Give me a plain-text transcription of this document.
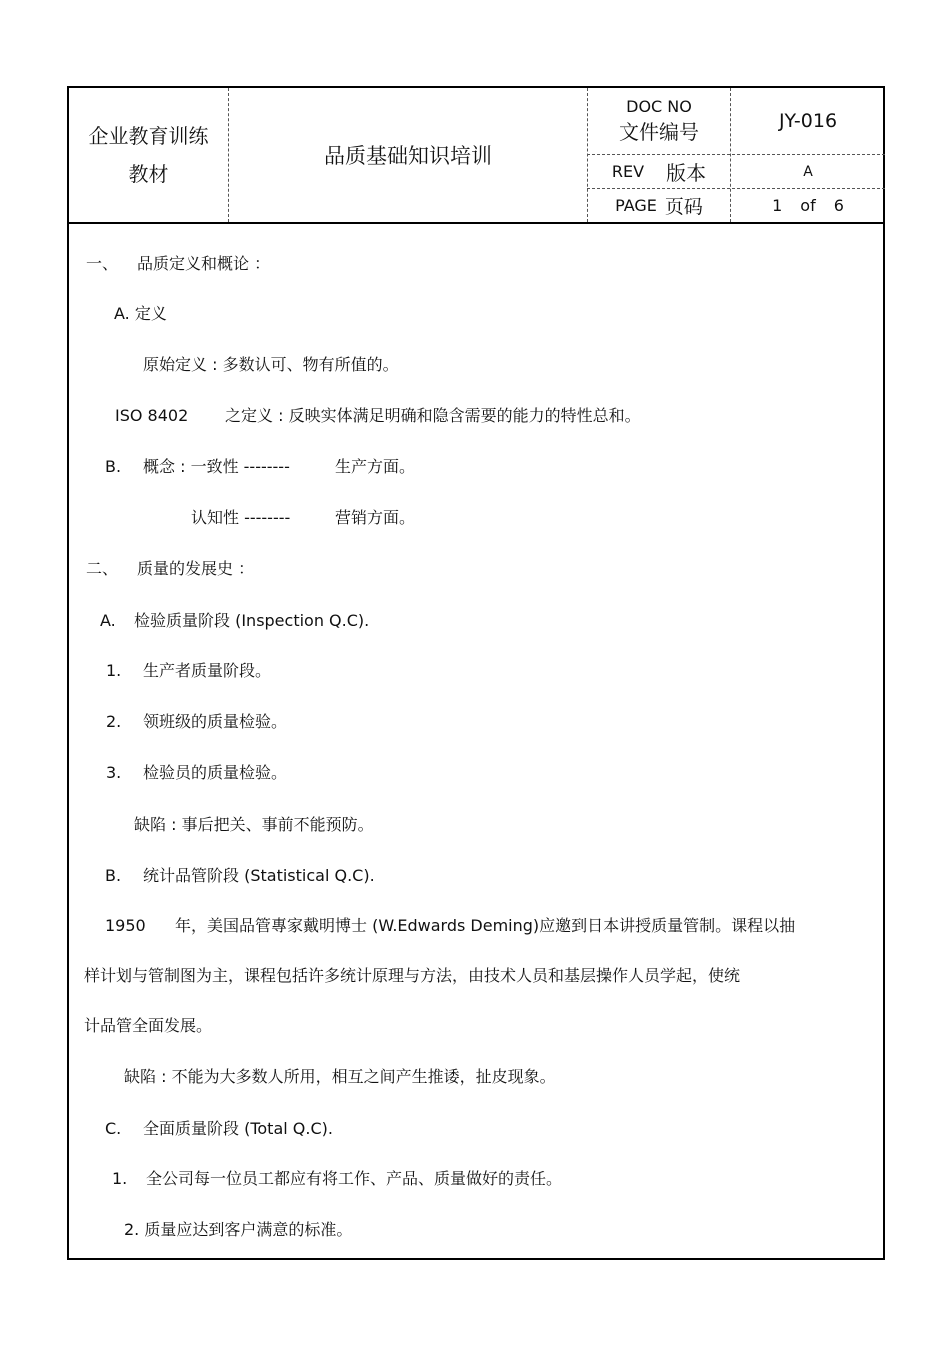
企业教育训练
教材
品质基础知识培训
DOC NO
文件编号	JY-016
REV 版本	A
PAGE 页码	1 of 6
一、 品质定义和概论 ：
A. 定义
原始定义 : 多数认可、物有所值的。
ISO 8402 之定义 : 反映实体满足明确和隐含需要的能力的特性总和。
B. 概念 : 一致性 --------	生产方面。
认知性 --------	营销方面。
二、 质量的发展史 ：
A. 检验质量阶段 (Inspection Q.C).
1. 生产者质量阶段。
2. 领班级的质量检验。
3. 检验员的质量检验。
缺陷 : 事后把关、事前不能预防。
B. 统计品管阶段 (Statistical Q.C).
1950 年，美国品管專家戴明博士 (W.Edwards Deming)应邀到日本讲授质量管制。课程以抽
样计划与管制图为主，课程包括许多统计原理与方法，由技术人员和基层操作人员学起，使统
计品管全面发展。
缺陷 : 不能为大多数人所用，相互之间产生推诿，扯皮现象。
C. 全面质量阶段 (Total Q.C).
1. 全公司每一位员工都应有将工作、产品、质量做好的责任。
2. 质量应达到客户满意的标准。
